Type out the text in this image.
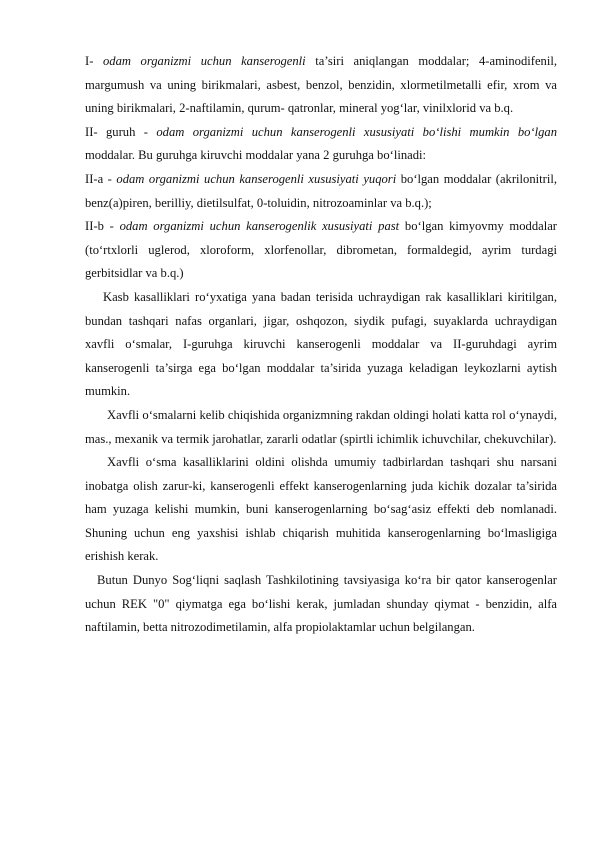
I- odam organizmi uchun kanserogenli ta’siri aniqlangan moddalar; 4-aminodifenil, margumush va uning birikmalari, asbest, benzol, benzidin, xlormetilmetalli efir, xrom va uning birikmalari, 2-naftilamin, qurum- qatronlar, mineral yog‘lar, vinilxlorid va b.q.

II- guruh - odam organizmi uchun kanserogenli xususiyati bo‘lishi mumkin bo‘lgan moddalar. Bu guruhga kiruvchi moddalar yana 2 guruhga bo‘linadi:

II-a - odam organizmi uchun kanserogenli xususiyati yuqori bo‘lgan moddalar (akrilonitril, benz(a)piren, berilliy, dietilsulfat, 0-toluidin, nitrozoaminlar va b.q.);

II-b - odam organizmi uchun kanserogenlik xususiyati past bo‘lgan kimyovmy moddalar (to‘rtxlorli uglerod, xloroform, xlorfenollar, dibrometan, formaldegid, ayrim turdagi gerbitsidlar va b.q.)

Kasb kasalliklari ro‘yxatiga yana badan terisida uchraydigan rak kasalliklari kiritilgan, bundan tashqari nafas organlari, jigar, oshqozon, siydik pufagi, suyaklarda uchraydigan xavfli o‘smalar, I-guruhga kiruvchi kanserogenli moddalar va II-guruhdagi ayrim kanserogenli ta’sirga ega bo‘lgan moddalar ta’sirida yuzaga keladigan leykozlarni aytish mumkin.

Xavfli o‘smalarni kelib chiqishida organizmning rakdan oldingi holati katta rol o‘ynaydi, mas., mexanik va termik jarohatlar, zararli odatlar (spirtli ichimlik ichuvchilar, chekuvchilar).

Xavfli o‘sma kasalliklarini oldini olishda umumiy tadbirlardan tashqari shu narsani inobatga olish zarur-ki, kanserogenli effekt kanserogenlarning juda kichik dozalar ta’sirida ham yuzaga kelishi mumkin, buni kanserogenlarning bo‘sag‘asiz effekti deb nomlanadi. Shuning uchun eng yaxshisi ishlab chiqarish muhitida kanserogenlarning bo‘lmasligiga erishish kerak.

Butun Dunyo Sog‘liqni saqlash Tashkilotining tavsiyasiga ko‘ra bir qator kanserogenlar uchun REK "0" qiymatga ega bo‘lishi kerak, jumladan shunday qiymat - benzidin, alfa naftilamin, betta nitrozodimetilamin, alfa propiolaktamlar uchun belgilangan.
